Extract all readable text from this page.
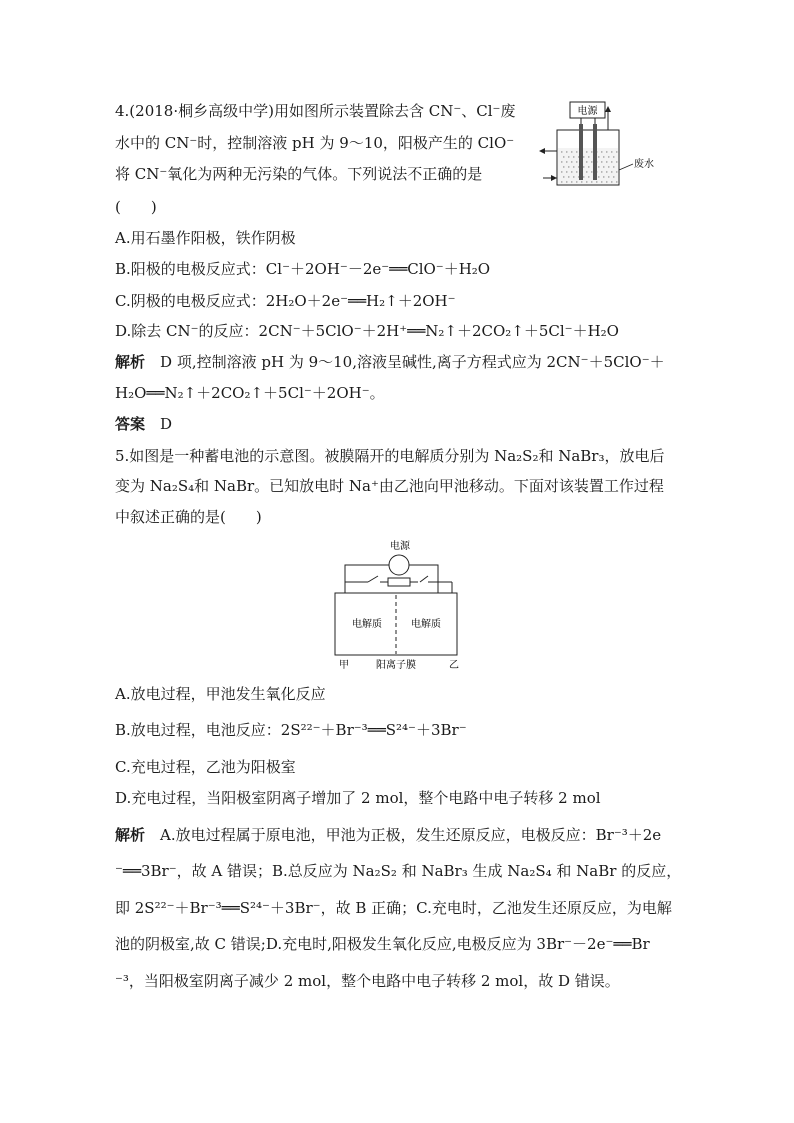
4.(2018·桐乡高级中学)用如图所示装置除去含 CN⁻、Cl⁻废
水中的 CN⁻时，控制溶液 pH 为 9～10，阳极产生的 ClO⁻
将 CN⁻氧化为两种无污染的气体。下列说法不正确的是
(　　)
电源
废水
A.用石墨作阳极，铁作阴极
B.阳极的电极反应式：Cl⁻＋2OH⁻－2e⁻══ClO⁻＋H₂O
C.阴极的电极反应式：2H₂O＋2e⁻══H₂↑＋2OH⁻
D.除去 CN⁻的反应：2CN⁻＋5ClO⁻＋2H⁺══N₂↑＋2CO₂↑＋5Cl⁻＋H₂O
解析　 D 项,控制溶液 pH 为 9～10,溶液呈碱性,离子方程式应为 2CN⁻＋5ClO⁻＋
H₂O══N₂↑＋2CO₂↑＋5Cl⁻＋2OH⁻。
答案　 D
5.如图是一种蓄电池的示意图。被膜隔开的电解质分别为 Na₂S₂和 NaBr₃，放电后
变为 Na₂S₄和 NaBr。已知放电时 Na⁺由乙池向甲池移动。下面对该装置工作过程
中叙述正确的是(　　)
电源
电解质	电解质
甲	阳离子膜	乙
A.放电过程，甲池发生氧化反应
B.放电过程，电池反应：2S²²⁻＋Br⁻³══S²⁴⁻＋3Br⁻
C.充电过程，乙池为阳极室
D.充电过程，当阳极室阴离子增加了 2 mol，整个电路中电子转移 2 mol
解析　 A.放电过程属于原电池，甲池为正极，发生还原反应，电极反应：Br⁻³＋2e
⁻══3Br⁻，故 A 错误；B.总反应为 Na₂S₂ 和 NaBr₃ 生成 Na₂S₄ 和 NaBr 的反应，
即 2S²²⁻＋Br⁻³══S²⁴⁻＋3Br⁻，故 B 正确；C.充电时，乙池发生还原反应，为电解
池的阴极室,故 C 错误;D.充电时,阳极发生氧化反应,电极反应为 3Br⁻－2e⁻══Br
⁻³，当阳极室阴离子减少 2 mol，整个电路中电子转移 2 mol，故 D 错误。
